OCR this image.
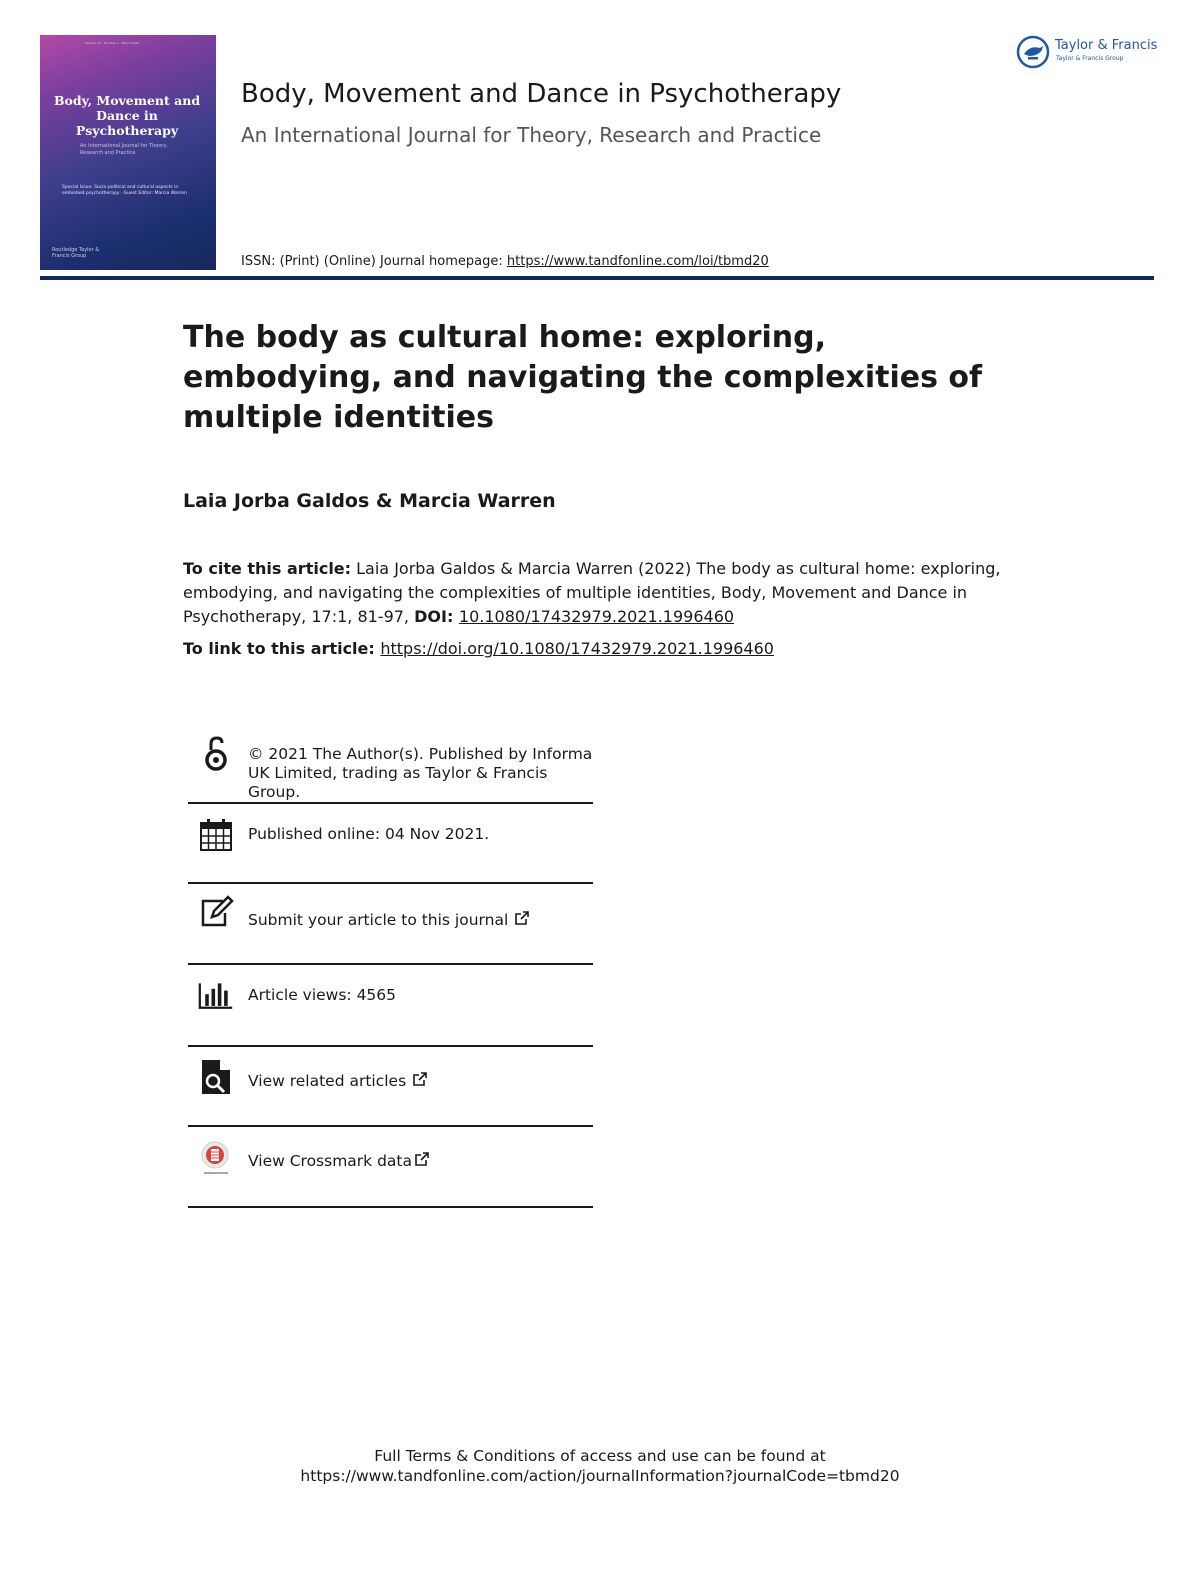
Volume 17 · Number 1 · March 2022
Body, Movement and Dance in Psychotherapy
An International Journal for Theory, Research and Practice
Special Issue: Socio-political and cultural aspects in embodied psychotherapy · Guest Editor: Marcia Warren
Routledge Taylor & Francis Group
Body, Movement and Dance in Psychotherapy
An International Journal for Theory, Research and Practice
ISSN: (Print) (Online) Journal homepage: https://www.tandfonline.com/loi/tbmd20
Taylor & Francis
Taylor & Francis Group
The body as cultural home: exploring, embodying, and navigating the complexities of multiple identities
Laia Jorba Galdos & Marcia Warren
To cite this article: Laia Jorba Galdos & Marcia Warren (2022) The body as cultural home: exploring, embodying, and navigating the complexities of multiple identities, Body, Movement and Dance in Psychotherapy, 17:1, 81-97, DOI: 10.1080/17432979.2021.1996460
To link to this article: https://doi.org/10.1080/17432979.2021.1996460
© 2021 The Author(s). Published by Informa UK Limited, trading as Taylor & Francis Group.
Published online: 04 Nov 2021.
Submit your article to this journal
Article views: 4565
View related articles
View Crossmark data
Full Terms & Conditions of access and use can be found at
https://www.tandfonline.com/action/journalInformation?journalCode=tbmd20
